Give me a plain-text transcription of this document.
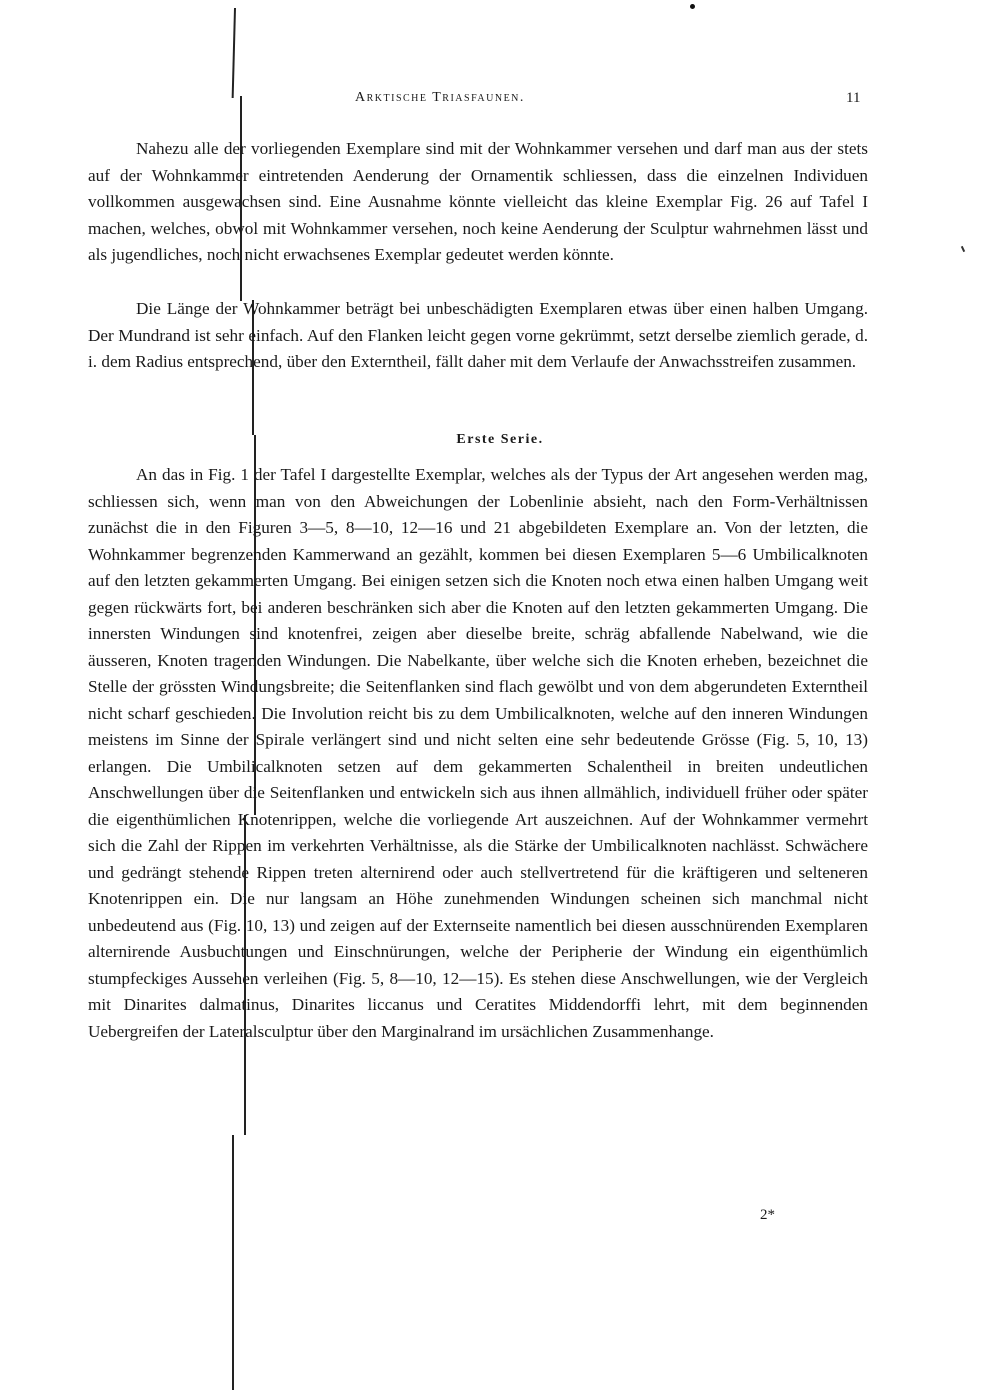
Arktische Triasfaunen.	11

Nahezu alle der vorliegenden Exemplare sind mit der Wohnkammer versehen und darf man aus der stets auf der Wohnkammer eintretenden Aenderung der Ornamentik schliessen, dass die einzelnen Individuen vollkommen ausgewachsen sind. Eine Ausnahme könnte vielleicht das kleine Exemplar Fig. 26 auf Tafel I machen, welches, obwol mit Wohnkammer versehen, noch keine Aenderung der Sculptur wahrnehmen lässt und als jugendliches, noch nicht erwachsenes Exemplar gedeutet werden könnte.

Die Länge der Wohnkammer beträgt bei unbeschädigten Exemplaren etwas über einen halben Umgang. Der Mundrand ist sehr einfach. Auf den Flanken leicht gegen vorne gekrümmt, setzt derselbe ziemlich gerade, d. i. dem Radius entsprechend, über den Externtheil, fällt daher mit dem Verlaufe der Anwachsstreifen zusammen.

Erste Serie.

An das in Fig. 1 der Tafel I dargestellte Exemplar, welches als der Typus der Art angesehen werden mag, schliessen sich, wenn man von den Abweichungen der Lobenlinie absieht, nach den Form-Verhältnissen zunächst die in den Figuren 3—5, 8—10, 12—16 und 21 abgebildeten Exemplare an. Von der letzten, die Wohnkammer begrenzenden Kammerwand an gezählt, kommen bei diesen Exemplaren 5—6 Umbilicalknoten auf den letzten gekammerten Umgang. Bei einigen setzen sich die Knoten noch etwa einen halben Umgang weit gegen rückwärts fort, bei anderen beschränken sich aber die Knoten auf den letzten gekammerten Umgang. Die innersten Windungen sind knotenfrei, zeigen aber dieselbe breite, schräg abfallende Nabelwand, wie die äusseren, Knoten tragenden Windungen. Die Nabelkante, über welche sich die Knoten erheben, bezeichnet die Stelle der grössten Windungsbreite; die Seitenflanken sind flach gewölbt und von dem abgerundeten Externtheil nicht scharf geschieden. Die Involution reicht bis zu dem Umbilicalknoten, welche auf den inneren Windungen meistens im Sinne der Spirale verlängert sind und nicht selten eine sehr bedeutende Grösse (Fig. 5, 10, 13) erlangen. Die Umbilicalknoten setzen auf dem gekammerten Schalentheil in breiten undeutlichen Anschwellungen über die Seitenflanken und entwickeln sich aus ihnen allmählich, individuell früher oder später die eigenthümlichen Knotenrippen, welche die vorliegende Art auszeichnen. Auf der Wohnkammer vermehrt sich die Zahl der Rippen im verkehrten Verhältnisse, als die Stärke der Umbilicalknoten nachlässt. Schwächere und gedrängt stehende Rippen treten alternirend oder auch stellvertretend für die kräftigeren und selteneren Knotenrippen ein. Die nur langsam an Höhe zunehmenden Windungen scheinen sich manchmal nicht unbedeutend aus (Fig. 10, 13) und zeigen auf der Externseite namentlich bei diesen ausschnürenden Exemplaren alternirende Ausbuchtungen und Einschnürungen, welche der Peripherie der Windung ein eigenthümlich stumpfeckiges Aussehen verleihen (Fig. 5, 8—10, 12—15). Es stehen diese Anschwellungen, wie der Vergleich mit Dinarites dalmatinus, Dinarites liccanus und Ceratites Middendorffi lehrt, mit dem beginnenden Uebergreifen der Lateralsculptur über den Marginalrand im ursächlichen Zusammenhange.

2*
